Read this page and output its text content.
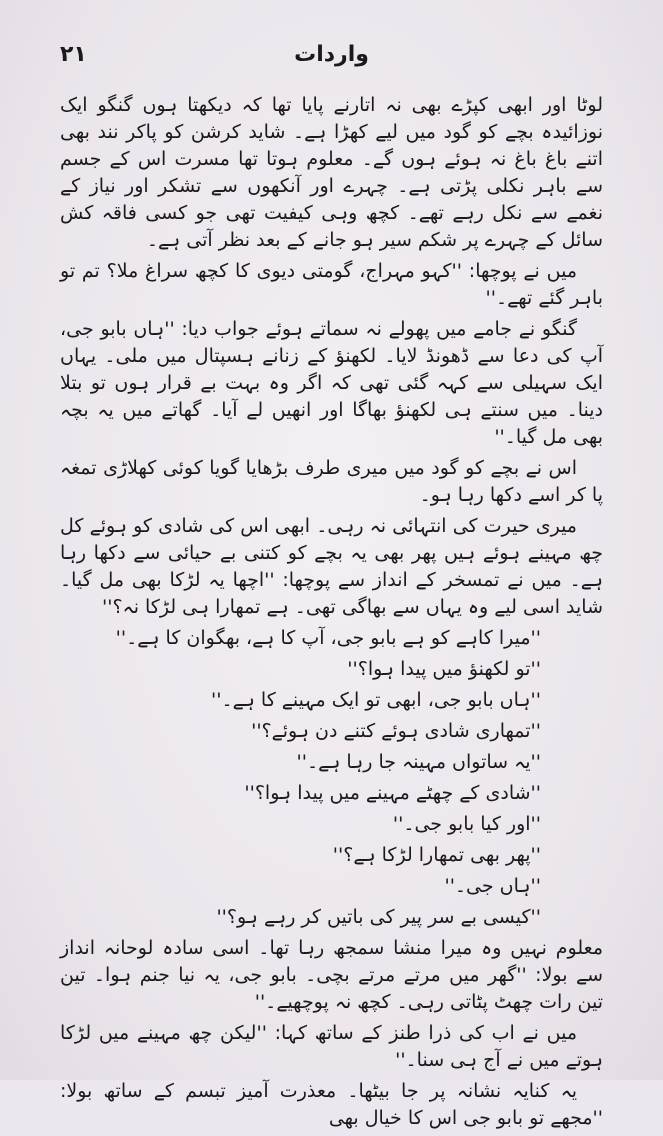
واردات
۲۱

لوٹا اور ابھی کپڑے بھی نہ اتارنے پایا تھا کہ دیکھتا ہوں گنگو ایک نوزائیدہ بچے کو گود میں لیے کھڑا ہے۔ شاید کرشن کو پاکر نند بھی اتنے باغ باغ نہ ہوئے ہوں گے۔ معلوم ہوتا تھا مسرت اس کے جسم سے باہر نکلی پڑتی ہے۔ چہرے اور آنکھوں سے تشکر اور نیاز کے نغمے سے نکل رہے تھے۔ کچھ وہی کیفیت تھی جو کسی فاقہ کش سائل کے چہرے پر شکم سیر ہو جانے کے بعد نظر آتی ہے۔

میں نے پوچھا: ''کہو مہراج، گومتی دیوی کا کچھ سراغ ملا؟ تم تو باہر گئے تھے۔''

گنگو نے جامے میں پھولے نہ سماتے ہوئے جواب دیا: ''ہاں بابو جی، آپ کی دعا سے ڈھونڈ لایا۔ لکھنؤ کے زنانے ہسپتال میں ملی۔ یہاں ایک سہیلی سے کہہ گئی تھی کہ اگر وہ بہت بے قرار ہوں تو بتلا دینا۔ میں سنتے ہی لکھنؤ بھاگا اور انھیں لے آیا۔ گھاتے میں یہ بچہ بھی مل گیا۔''

اس نے بچے کو گود میں میری طرف بڑھایا گویا کوئی کھلاڑی تمغہ پا کر اسے دکھا رہا ہو۔

میری حیرت کی انتہائی نہ رہی۔ ابھی اس کی شادی کو ہوئے کل چھ مہینے ہوئے ہیں پھر بھی یہ بچے کو کتنی بے حیائی سے دکھا رہا ہے۔ میں نے تمسخر کے انداز سے پوچھا: ''اچھا یہ لڑکا بھی مل گیا۔ شاید اسی لیے وہ یہاں سے بھاگی تھی۔ ہے تمھارا ہی لڑکا نہ؟''

''میرا کاہے کو ہے بابو جی، آپ کا ہے، بھگوان کا ہے۔''

''تو لکھنؤ میں پیدا ہوا؟''

''ہاں بابو جی، ابھی تو ایک مہینے کا ہے۔''

''تمھاری شادی ہوئے کتنے دن ہوئے؟''

''یہ ساتواں مہینہ جا رہا ہے۔''

''شادی کے چھٹے مہینے میں پیدا ہوا؟''

''اور کیا بابو جی۔''

''پھر بھی تمھارا لڑکا ہے؟''

''ہاں جی۔''

''کیسی بے سر پیر کی باتیں کر رہے ہو؟''

معلوم نہیں وہ میرا منشا سمجھ رہا تھا۔ اسی سادہ لوحانہ انداز سے بولا: ''گھر میں مرتے مرتے بچی۔ بابو جی، یہ نیا جنم ہوا۔ تین تین رات چھٹ پٹاتی رہی۔ کچھ نہ پوچھیے۔''

میں نے اب کی ذرا طنز کے ساتھ کہا: ''لیکن چھ مہینے میں لڑکا ہوتے میں نے آج ہی سنا۔''

یہ کنایہ نشانہ پر جا بیٹھا۔ معذرت آمیز تبسم کے ساتھ بولا: ''مجھے تو بابو جی اس کا خیال بھی
